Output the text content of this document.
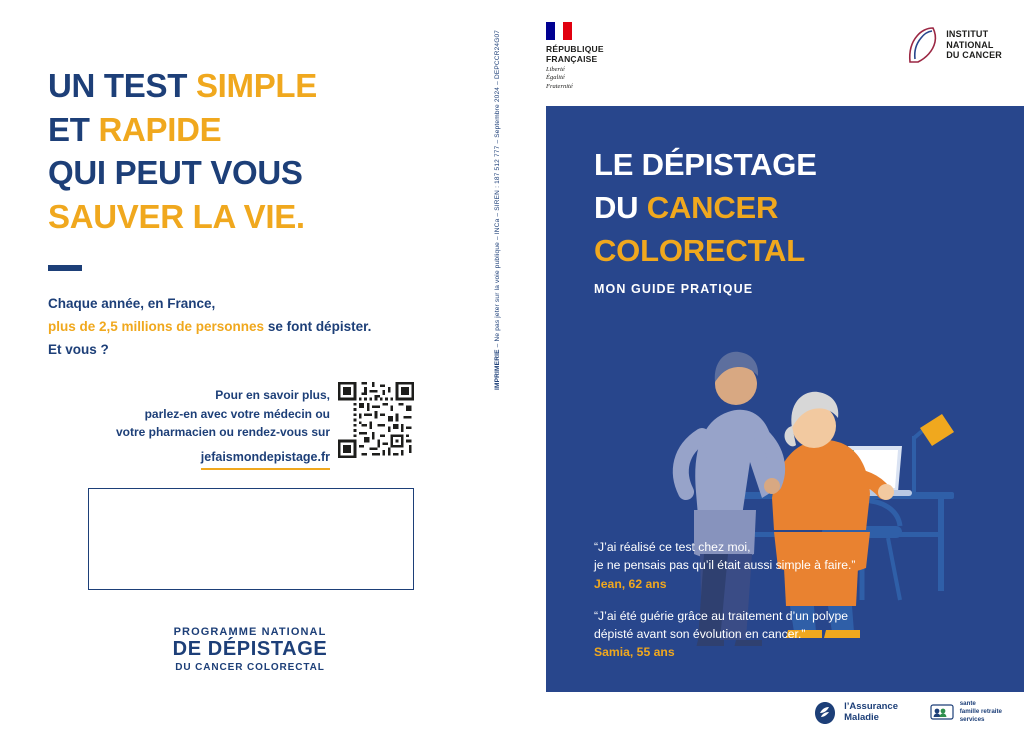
UN TEST SIMPLE
ET RAPIDE
QUI PEUT VOUS
SAUVER LA VIE.
Chaque année, en France,
plus de 2,5 millions de personnes se font dépister.
Et vous ?
Pour en savoir plus,
parlez-en avec votre médecin ou
votre pharmacien ou rendez-vous sur
jefaismondepistage.fr
PROGRAMME NATIONAL
DE DÉPISTAGE
DU CANCER COLORECTAL
IMPRIMERIE – Ne pas jeter sur la voie publique – INCa – SIREN : 187 512 777 – Septembre 2024 – DEPCCR24G07	RÉPUBLIQUE
FRANÇAISE
Liberté
Égalité
Fraternité
INSTITUT
NATIONAL
DU CANCER
LE DÉPISTAGE
DU CANCER
COLORECTAL
MON GUIDE PRATIQUE
“J’ai réalisé ce test chez moi,
je ne pensais pas qu’il était aussi simple à faire.”
Jean, 62 ans
“J’ai été guérie grâce au traitement d’un polype
dépisté avant son évolution en cancer.”
Samia, 55 ans
l’Assurance
Maladie
sante
famille retraite
services
